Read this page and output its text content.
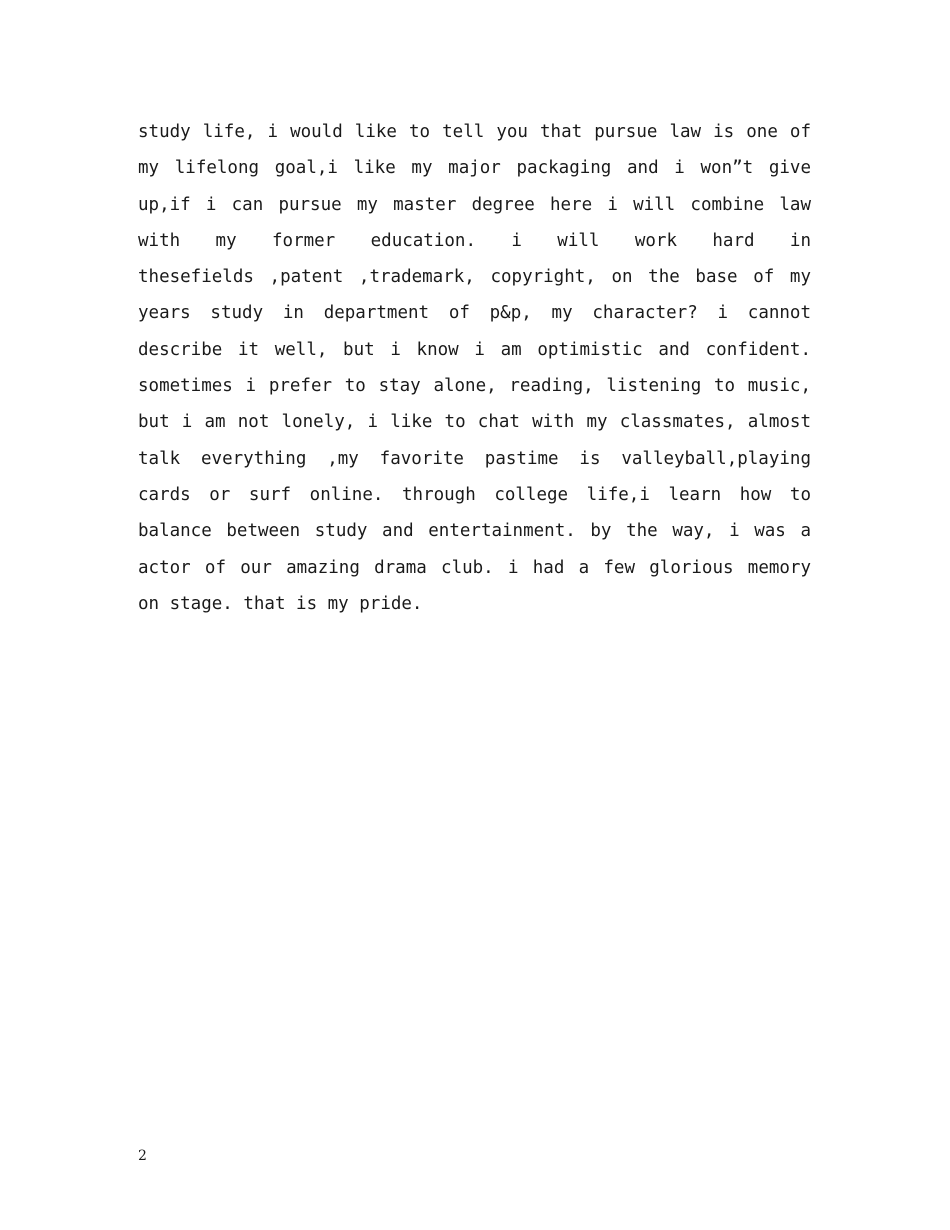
study life, i would like to tell you that pursue law is one of
my lifelong goal,i like my major packaging and i won”t give
up,if i can pursue my master degree here i will combine law
with my former education. i will work hard in
thesefields ,patent ,trademark, copyright, on the base of my
years study in department of p&p, my character? i cannot
describe it well, but i know i am optimistic and confident.
sometimes i prefer to stay alone, reading, listening to music,
but i am not lonely, i like to chat with my classmates, almost
talk everything ,my favorite pastime is valleyball,playing
cards or surf online. through college life,i learn how to
balance between study and entertainment. by the way, i was a
actor of our amazing drama club. i had a few glorious memory
on stage. that is my pride.
2
